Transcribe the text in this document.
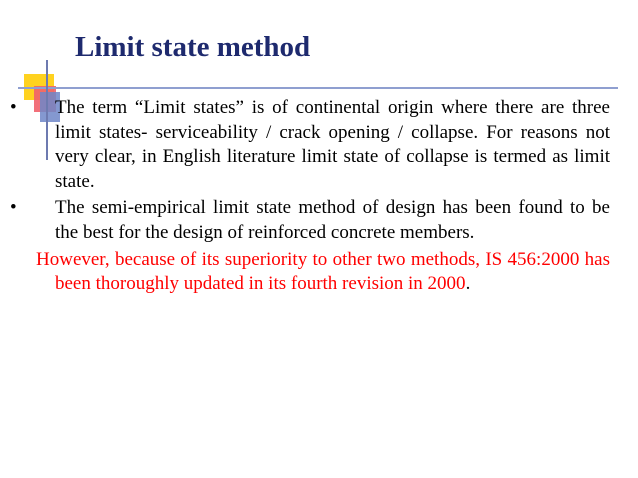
Limit state method
•	The term “Limit states” is of continental origin where there are three limit states- serviceability / crack opening / collapse. For reasons not very clear, in English literature limit state of collapse is termed as limit state.
•	The semi-empirical limit state method of design has been found to be the best for the design of reinforced concrete members.
However, because of its superiority to other two methods, IS 456:2000 has been thoroughly updated in its fourth revision in 2000.
